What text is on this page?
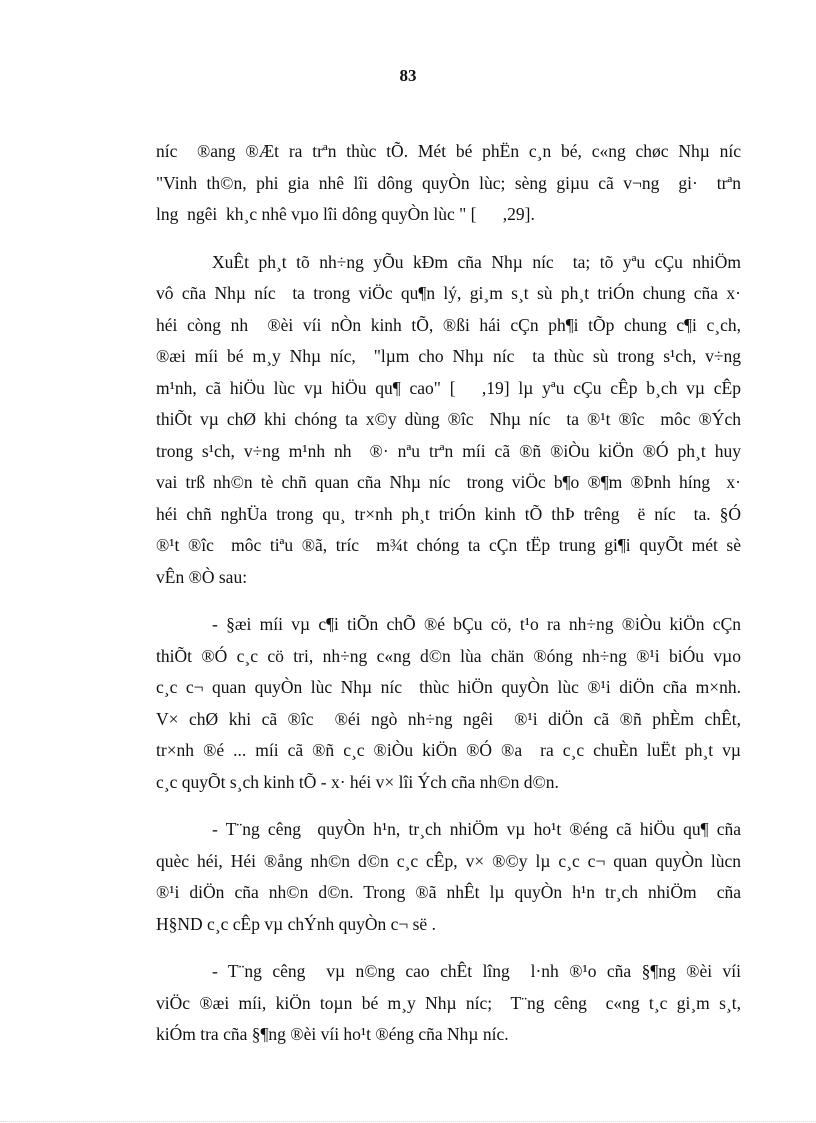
83
níc  ®ang ®Æt ra trªn thùc tÕ. Mét bé phËn c¸n bé, c«ng chøc Nhµ níc
"Vinh th©n, phi gia nhê lîi dông quyÒn lùc; sèng giµu cã v¬ng  gi·  trªn
lng  ngêi  kh¸c nhê vµo lîi dông quyÒn lùc " [      ,29].
XuÊt ph¸t tõ nh÷ng yÕu kÐm cña Nhµ níc  ta; tõ yªu cÇu nhiÖm
vô cña Nhµ níc  ta trong viÖc qu¶n lý, gi¸m s¸t sù ph¸t triÓn chung cña x·
héi còng nh  ®èi víi nÒn kinh tÕ, ®ßi hái cÇn ph¶i tÕp chung c¶i c¸ch,
®æi míi bé m¸y Nhµ níc,  "lµm cho Nhµ níc  ta thùc sù trong s¹ch, v÷ng
m¹nh, cã hiÖu lùc vµ hiÖu qu¶ cao" [   ,19] lµ yªu cÇu cÊp b¸ch vµ cÊp
thiÕt vµ chØ khi chóng ta x©y dùng ®îc  Nhµ níc  ta ®¹t ®îc  môc ®Ých
trong s¹ch, v÷ng m¹nh nh  ®· nªu trªn míi cã ®ñ ®iÒu kiÖn ®Ó ph¸t huy
vai trß nh©n tè chñ quan cña Nhµ níc  trong viÖc b¶o ®¶m ®Þnh híng  x·
héi chñ nghÜa trong qu¸ tr×nh ph¸t triÓn kinh tÕ thÞ trêng  ë níc  ta. §Ó
®¹t ®îc  môc tiªu ®ã, tríc  m¾t chóng ta cÇn tËp trung gi¶i quyÕt mét sè
vÊn ®Ò sau:
- §æi míi vµ c¶i tiÕn chÕ ®é bÇu cö, t¹o ra nh÷ng ®iÒu kiÖn cÇn
thiÕt ®Ó c¸c cö tri, nh÷ng c«ng d©n lùa chän ®óng nh÷ng ®¹i biÓu vµo
c¸c c¬ quan quyÒn lùc Nhµ níc  thùc hiÖn quyÒn lùc ®¹i diÖn cña m×nh.
V× chØ khi cã ®îc  ®éi ngò nh÷ng ngêi  ®¹i diÖn cã ®ñ phÈm chÊt,
tr×nh ®é ... míi cã ®ñ c¸c ®iÒu kiÖn ®Ó ®a  ra c¸c chuÈn luËt ph¸t vµ
c¸c quyÕt s¸ch kinh tÕ - x· héi v× lîi Ých cña nh©n d©n.
- T¨ng cêng  quyÒn h¹n, tr¸ch nhiÖm vµ ho¹t ®éng cã hiÖu qu¶ cña
quèc héi, Héi ®ång nh©n d©n c¸c cÊp, v× ®©y lµ c¸c c¬ quan quyÒn lùcn
®¹i diÖn cña nh©n d©n. Trong ®ã nhÊt lµ quyÒn h¹n tr¸ch nhiÖm  cña
H§ND c¸c cÊp vµ chÝnh quyÒn c¬ së .
- T¨ng cêng  vµ n©ng cao chÊt lîng  l·nh ®¹o cña §¶ng ®èi víi
viÖc ®æi míi, kiÖn toµn bé m¸y Nhµ níc;  T¨ng cêng  c«ng t¸c gi¸m s¸t,
kiÓm tra cña §¶ng ®èi víi ho¹t ®éng cña Nhµ níc.
